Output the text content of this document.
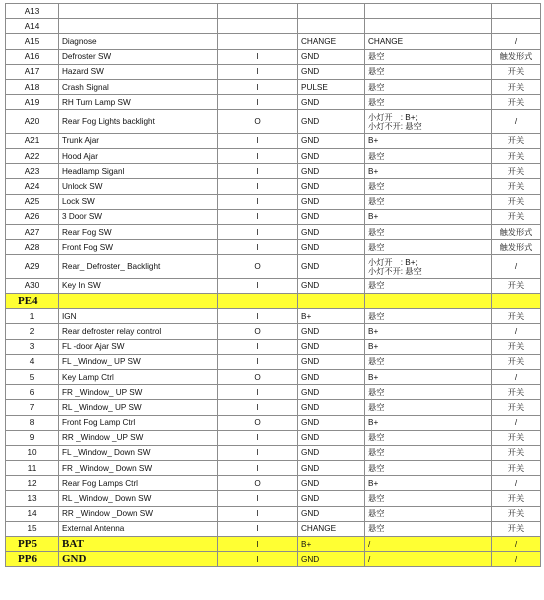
A13					
A14					
A15	Diagnose		CHANGE	CHANGE	/
A16	Defroster SW	I	GND	悬空	触发形式
A17	Hazard SW	I	GND	悬空	开关
A18	Crash Signal	I	PULSE	悬空	开关
A19	RH Turn Lamp SW	I	GND	悬空	开关
A20	Rear Fog Lights backlight	O	GND	小灯开　: B+;
小灯不开: 悬空	/
A21	Trunk Ajar	I	GND	B+	开关
A22	Hood Ajar	I	GND	悬空	开关
A23	Headlamp Siganl	I	GND	B+	开关
A24	Unlock SW	I	GND	悬空	开关
A25	Lock SW	I	GND	悬空	开关
A26	3 Door SW	I	GND	B+	开关
A27	Rear Fog SW	I	GND	悬空	触发形式
A28	Front Fog SW	I	GND	悬空	触发形式
A29	Rear_ Defroster_ Backlight	O	GND	小灯开　: B+;
小灯不开: 悬空	/
A30	Key In SW	I	GND	悬空	开关
PE4					
1	IGN	I	B+	悬空	开关
2	Rear defroster relay control	O	GND	B+	/
3	FL -door Ajar SW	I	GND	B+	开关
4	FL _Window_ UP SW	I	GND	悬空	开关
5	Key Lamp Ctrl	O	GND	B+	/
6	FR _Window_ UP SW	I	GND	悬空	开关
7	RL _Window_ UP SW	I	GND	悬空	开关
8	Front Fog Lamp Ctrl	O	GND	B+	/
9	RR _Window _UP SW	I	GND	悬空	开关
10	FL _Window_ Down SW	I	GND	悬空	开关
11	FR _Window_ Down SW	I	GND	悬空	开关
12	Rear Fog Lamps Ctrl	O	GND	B+	/
13	RL _Window_ Down SW	I	GND	悬空	开关
14	RR _Window _Down SW	I	GND	悬空	开关
15	External Antenna	I	CHANGE	悬空	开关
PP5	BAT	I	B+	/	/
PP6	GND	I	GND	/	/
